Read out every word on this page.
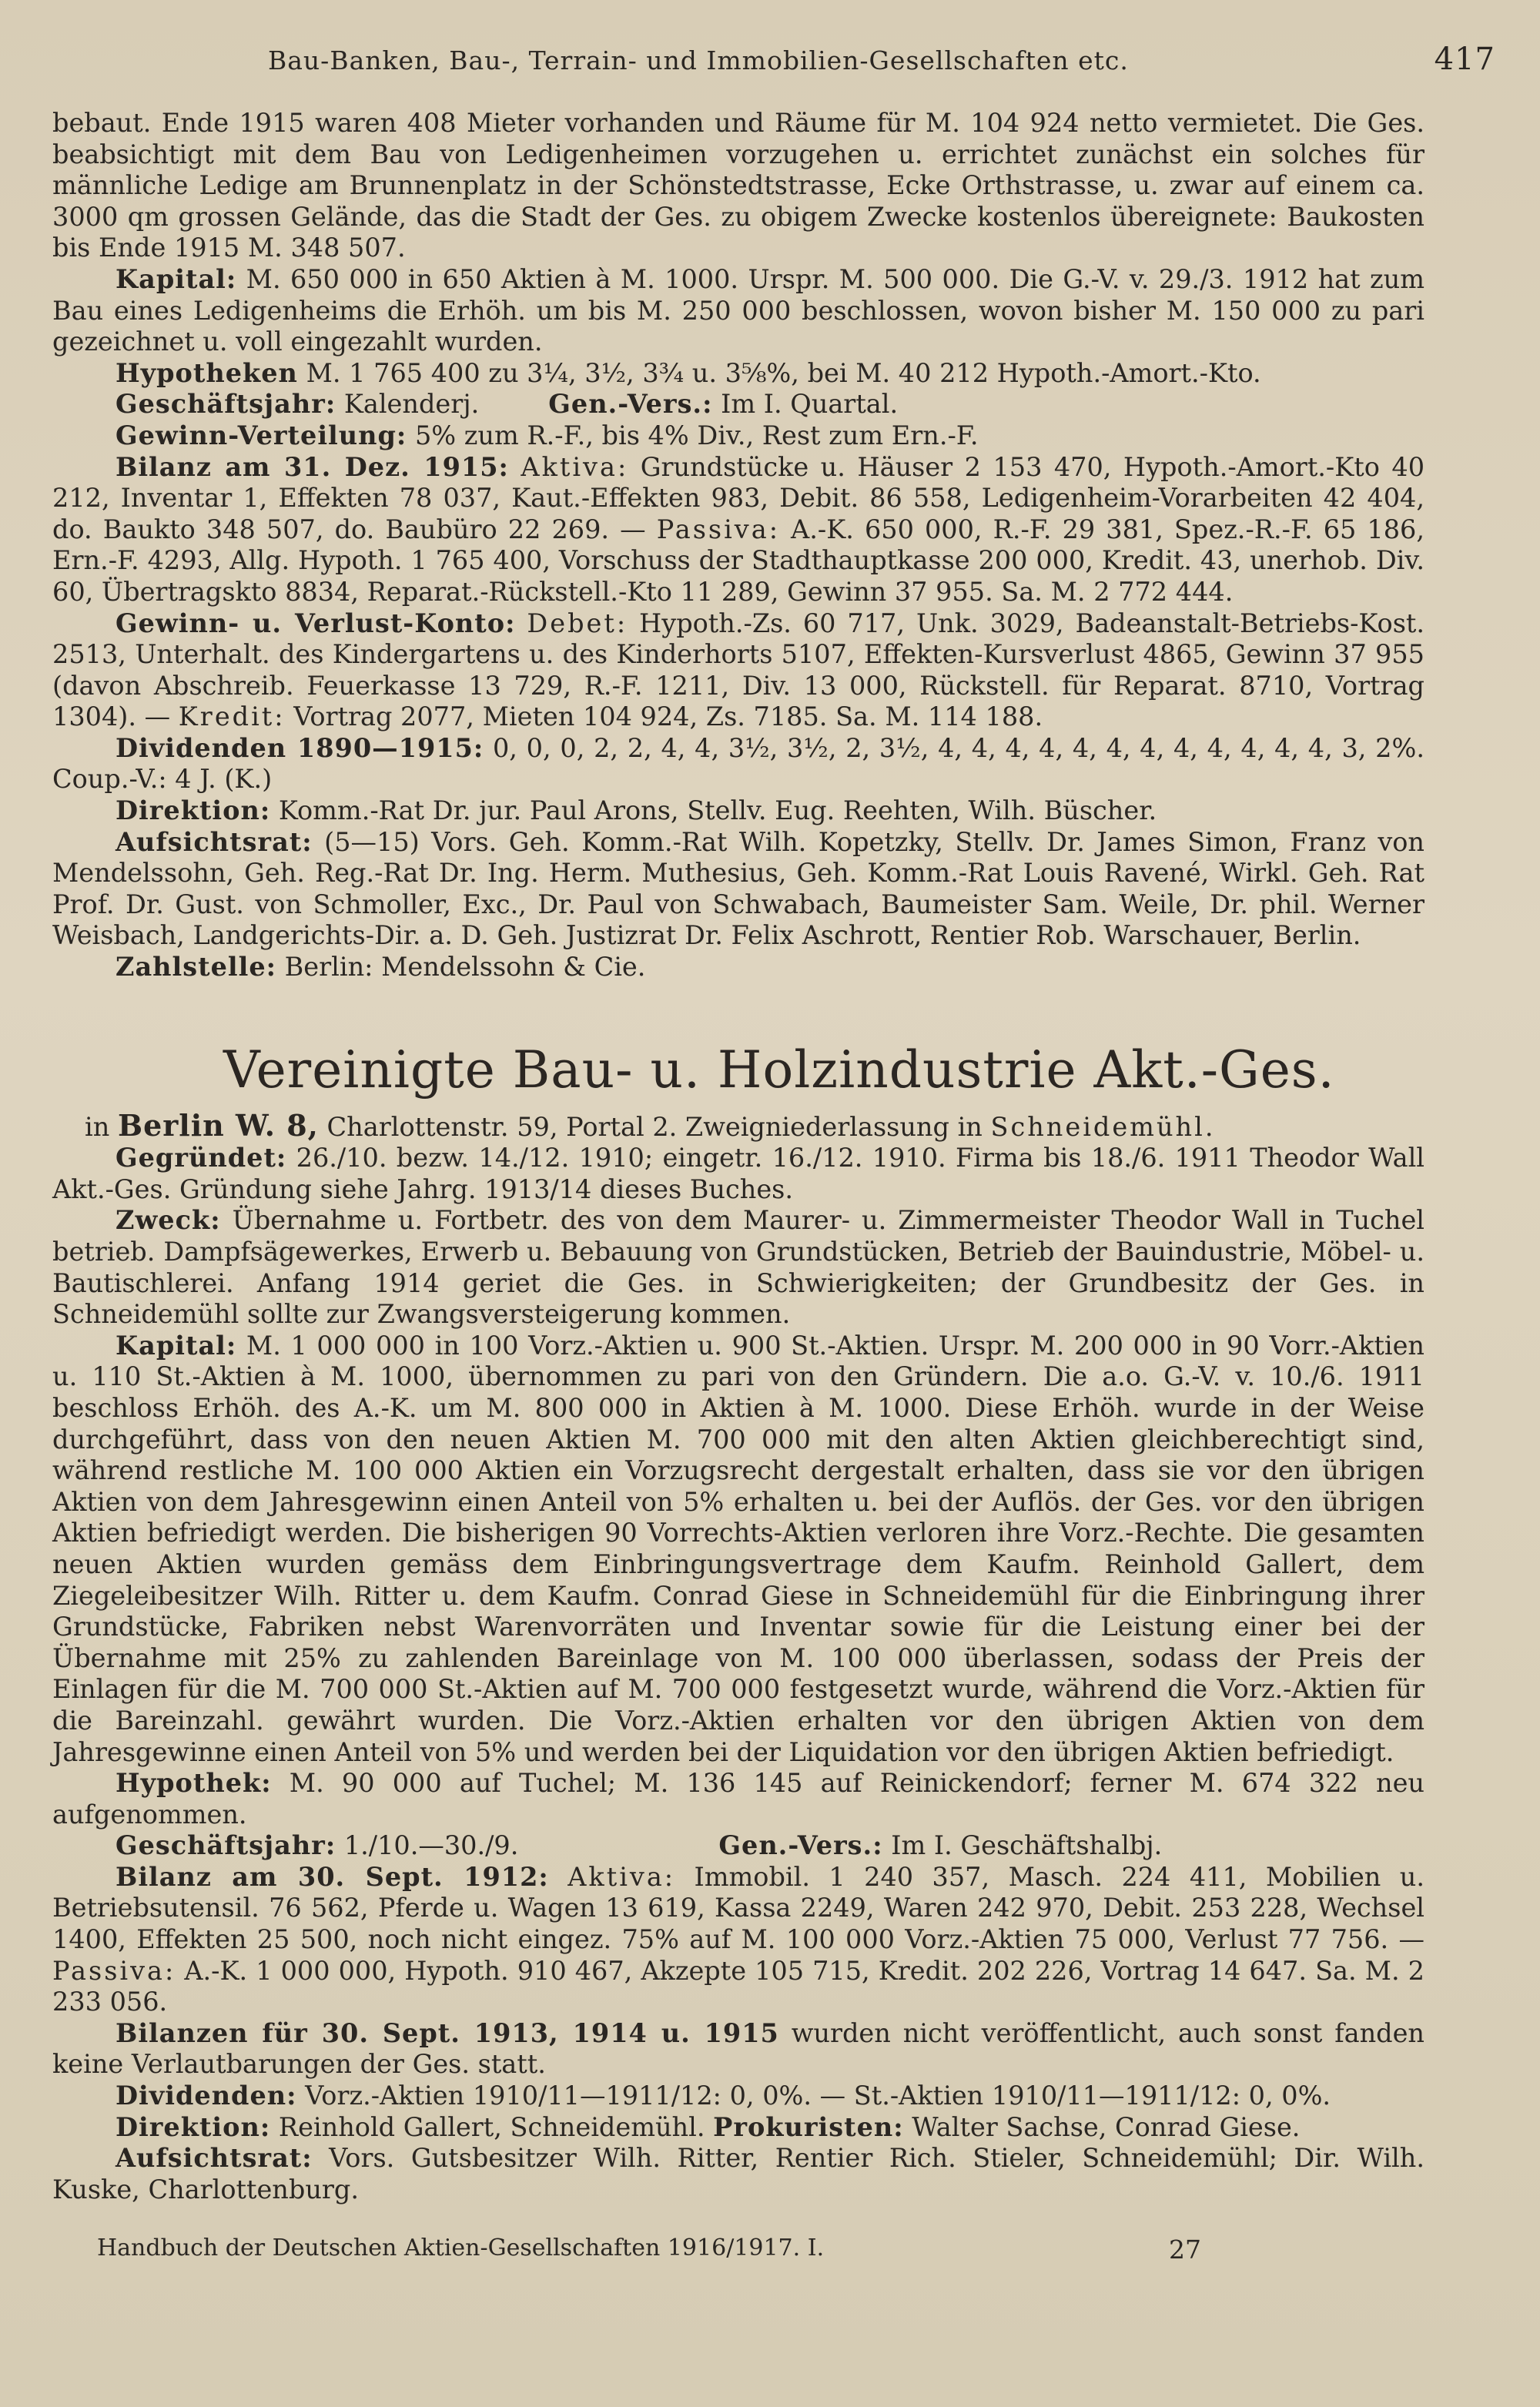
Bau-Banken, Bau-, Terrain- und Immobilien-Gesellschaften etc.	417

bebaut. Ende 1915 waren 408 Mieter vorhanden und Räume für M. 104 924 netto vermietet. Die Ges. beabsichtigt mit dem Bau von Ledigenheimen vorzugehen u. errichtet zunächst ein solches für männliche Ledige am Brunnenplatz in der Schönstedtstrasse, Ecke Orthstrasse, u. zwar auf einem ca. 3000 qm grossen Gelände, das die Stadt der Ges. zu obigem Zwecke kostenlos übereignete: Baukosten bis Ende 1915 M. 348 507.

Kapital: M. 650 000 in 650 Aktien à M. 1000. Urspr. M. 500 000. Die G.-V. v. 29./3. 1912 hat zum Bau eines Ledigenheims die Erhöh. um bis M. 250 000 beschlossen, wovon bisher M. 150 000 zu pari gezeichnet u. voll eingezahlt wurden.

Hypotheken M. 1 765 400 zu 3¼, 3½, 3¾ u. 3⅝%, bei M. 40 212 Hypoth.-Amort.-Kto.

Geschäftsjahr: Kalenderj.	Gen.-Vers.: Im I. Quartal.

Gewinn-Verteilung: 5% zum R.-F., bis 4% Div., Rest zum Ern.-F.

Bilanz am 31. Dez. 1915: Aktiva: Grundstücke u. Häuser 2 153 470, Hypoth.-Amort.-Kto 40 212, Inventar 1, Effekten 78 037, Kaut.-Effekten 983, Debit. 86 558, Ledigenheim-Vorarbeiten 42 404, do. Baukto 348 507, do. Baubüro 22 269. — Passiva: A.-K. 650 000, R.-F. 29 381, Spez.-R.-F. 65 186, Ern.-F. 4293, Allg. Hypoth. 1 765 400, Vorschuss der Stadthauptkasse 200 000, Kredit. 43, unerhob. Div. 60, Übertragskto 8834, Reparat.-Rückstell.-Kto 11 289, Gewinn 37 955. Sa. M. 2 772 444.

Gewinn- u. Verlust-Konto: Debet: Hypoth.-Zs. 60 717, Unk. 3029, Badeanstalt-Betriebs-Kost. 2513, Unterhalt. des Kindergartens u. des Kinderhorts 5107, Effekten-Kursverlust 4865, Gewinn 37 955 (davon Abschreib. Feuerkasse 13 729, R.-F. 1211, Div. 13 000, Rückstell. für Reparat. 8710, Vortrag 1304). — Kredit: Vortrag 2077, Mieten 104 924, Zs. 7185. Sa. M. 114 188.

Dividenden 1890—1915: 0, 0, 0, 2, 2, 4, 4, 3½, 3½, 2, 3½, 4, 4, 4, 4, 4, 4, 4, 4, 4, 4, 4, 4, 3, 2%. Coup.-V.: 4 J. (K.)

Direktion: Komm.-Rat Dr. jur. Paul Arons, Stellv. Eug. Reehten, Wilh. Büscher.

Aufsichtsrat: (5—15) Vors. Geh. Komm.-Rat Wilh. Kopetzky, Stellv. Dr. James Simon, Franz von Mendelssohn, Geh. Reg.-Rat Dr. Ing. Herm. Muthesius, Geh. Komm.-Rat Louis Ravené, Wirkl. Geh. Rat Prof. Dr. Gust. von Schmoller, Exc., Dr. Paul von Schwabach, Baumeister Sam. Weile, Dr. phil. Werner Weisbach, Landgerichts-Dir. a. D. Geh. Justizrat Dr. Felix Aschrott, Rentier Rob. Warschauer, Berlin.

Zahlstelle: Berlin: Mendelssohn & Cie.

Vereinigte Bau- u. Holzindustrie Akt.-Ges.

in Berlin W. 8, Charlottenstr. 59, Portal 2. Zweigniederlassung in Schneidemühl.

Gegründet: 26./10. bezw. 14./12. 1910; eingetr. 16./12. 1910. Firma bis 18./6. 1911 Theodor Wall Akt.-Ges. Gründung siehe Jahrg. 1913/14 dieses Buches.

Zweck: Übernahme u. Fortbetr. des von dem Maurer- u. Zimmermeister Theodor Wall in Tuchel betrieb. Dampfsägewerkes, Erwerb u. Bebauung von Grundstücken, Betrieb der Bauindustrie, Möbel- u. Bautischlerei. Anfang 1914 geriet die Ges. in Schwierigkeiten; der Grundbesitz der Ges. in Schneidemühl sollte zur Zwangsversteigerung kommen.

Kapital: M. 1 000 000 in 100 Vorz.-Aktien u. 900 St.-Aktien. Urspr. M. 200 000 in 90 Vorr.-Aktien u. 110 St.-Aktien à M. 1000, übernommen zu pari von den Gründern. Die a.o. G.-V. v. 10./6. 1911 beschloss Erhöh. des A.-K. um M. 800 000 in Aktien à M. 1000. Diese Erhöh. wurde in der Weise durchgeführt, dass von den neuen Aktien M. 700 000 mit den alten Aktien gleichberechtigt sind, während restliche M. 100 000 Aktien ein Vorzugsrecht dergestalt erhalten, dass sie vor den übrigen Aktien von dem Jahresgewinn einen Anteil von 5% erhalten u. bei der Auflös. der Ges. vor den übrigen Aktien befriedigt werden. Die bisherigen 90 Vorrechts-Aktien verloren ihre Vorz.-Rechte. Die gesamten neuen Aktien wurden gemäss dem Einbringungsvertrage dem Kaufm. Reinhold Gallert, dem Ziegeleibesitzer Wilh. Ritter u. dem Kaufm. Conrad Giese in Schneidemühl für die Einbringung ihrer Grundstücke, Fabriken nebst Warenvorräten und Inventar sowie für die Leistung einer bei der Übernahme mit 25% zu zahlenden Bareinlage von M. 100 000 überlassen, sodass der Preis der Einlagen für die M. 700 000 St.-Aktien auf M. 700 000 festgesetzt wurde, während die Vorz.-Aktien für die Bareinzahl. gewährt wurden. Die Vorz.-Aktien erhalten vor den übrigen Aktien von dem Jahresgewinne einen Anteil von 5% und werden bei der Liquidation vor den übrigen Aktien befriedigt.

Hypothek: M. 90 000 auf Tuchel; M. 136 145 auf Reinickendorf; ferner M. 674 322 neu aufgenommen.

Geschäftsjahr: 1./10.—30./9.	Gen.-Vers.: Im I. Geschäftshalbj.

Bilanz am 30. Sept. 1912: Aktiva: Immobil. 1 240 357, Masch. 224 411, Mobilien u. Betriebsutensil. 76 562, Pferde u. Wagen 13 619, Kassa 2249, Waren 242 970, Debit. 253 228, Wechsel 1400, Effekten 25 500, noch nicht eingez. 75% auf M. 100 000 Vorz.-Aktien 75 000, Verlust 77 756. — Passiva: A.-K. 1 000 000, Hypoth. 910 467, Akzepte 105 715, Kredit. 202 226, Vortrag 14 647. Sa. M. 2 233 056.

Bilanzen für 30. Sept. 1913, 1914 u. 1915 wurden nicht veröffentlicht, auch sonst fanden keine Verlautbarungen der Ges. statt.

Dividenden: Vorz.-Aktien 1910/11—1911/12: 0, 0%. — St.-Aktien 1910/11—1911/12: 0, 0%.

Direktion: Reinhold Gallert, Schneidemühl. Prokuristen: Walter Sachse, Conrad Giese.

Aufsichtsrat: Vors. Gutsbesitzer Wilh. Ritter, Rentier Rich. Stieler, Schneidemühl; Dir. Wilh. Kuske, Charlottenburg.

Handbuch der Deutschen Aktien-Gesellschaften 1916/1917. I.	27
